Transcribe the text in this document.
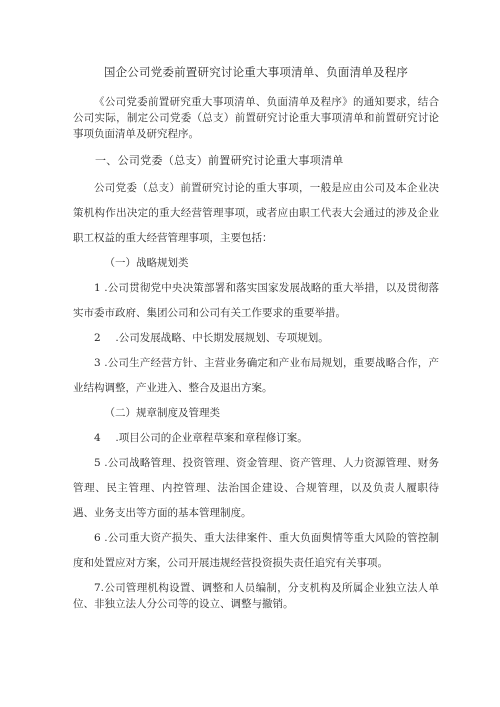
国企公司党委前置研究讨论重大事项清单、负面清单及程序

《公司党委前置研究重大事项清单、负面清单及程序》的通知要求，结合公司实际，制定公司党委（总支）前置研究讨论重大事项清单和前置研究讨论事项负面清单及研究程序。

一、公司党委（总支）前置研究讨论重大事项清单

公司党委（总支）前置研究讨论的重大事项，一般是应由公司及本企业决策机构作出决定的重大经营管理事项，或者应由职工代表大会通过的涉及企业职工权益的重大经营管理事项，主要包括：

（一）战略规划类

1 .公司贯彻党中央决策部署和落实国家发展战略的重大举措，以及贯彻落实市委市政府、集团公司和公司有关工作要求的重要举措。

2 .公司发展战略、中长期发展规划、专项规划。

3 .公司生产经营方针、主营业务确定和产业布局规划，重要战略合作，产业结构调整，产业进入、整合及退出方案。

（二）规章制度及管理类

4 .项目公司的企业章程草案和章程修订案。

5 .公司战略管理、投资管理、资金管理、资产管理、人力资源管理、财务管理、民主管理、内控管理、法治国企建设、合规管理，以及负责人履职待遇、业务支出等方面的基本管理制度。

6 .公司重大资产损失、重大法律案件、重大负面舆情等重大风险的管控制度和处置应对方案，公司开展违规经营投资损失责任追究有关事项。

7.公司管理机构设置、调整和人员编制，分支机构及所属企业独立法人单位、非独立法人分公司等的设立、调整与撤销。
